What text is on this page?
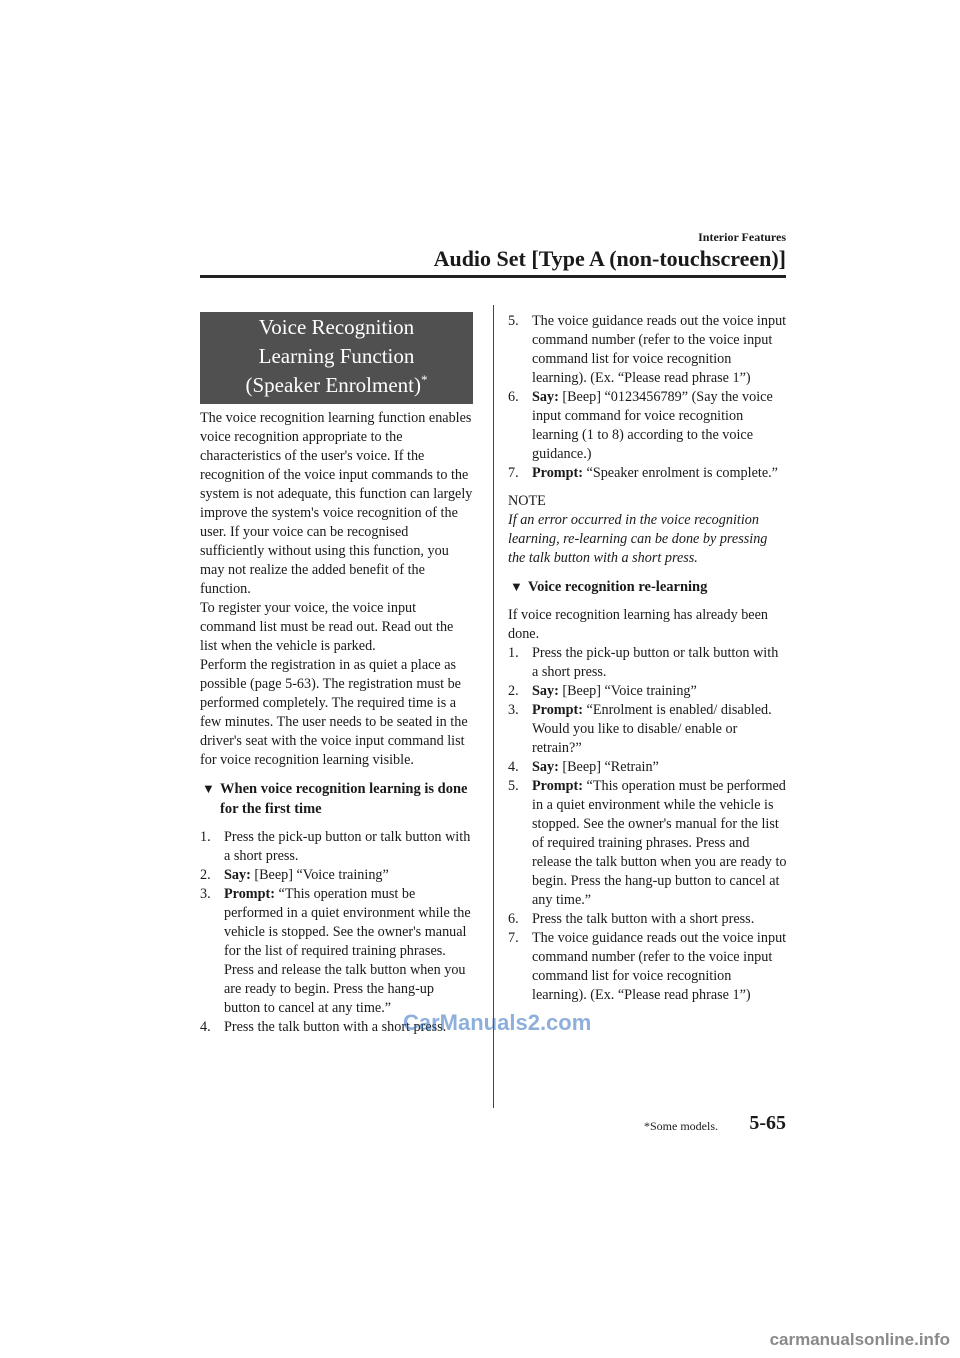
Interior Features
Audio Set [Type A (non-touchscreen)]
Voice Recognition
Learning Function
(Speaker Enrolment)*

The voice recognition learning function enables voice recognition appropriate to the characteristics of the user's voice. If the recognition of the voice input commands to the system is not adequate, this function can largely improve the system's voice recognition of the user. If your voice can be recognised sufficiently without using this function, you may not realize the added benefit of the function.

To register your voice, the voice input command list must be read out. Read out the list when the vehicle is parked.

Perform the registration in as quiet a place as possible (page 5-63). The registration must be performed completely. The required time is a few minutes. The user needs to be seated in the driver's seat with the voice input command list for voice recognition learning visible.

▼ When voice recognition learning is done for the first time
1. Press the pick-up button or talk button with a short press.
2. Say: [Beep] “Voice training”
3. Prompt: “This operation must be performed in a quiet environment while the vehicle is stopped. See the owner's manual for the list of required training phrases. Press and release the talk button when you are ready to begin. Press the hang-up button to cancel at any time.”
4. Press the talk button with a short press.
5. The voice guidance reads out the voice input command number (refer to the voice input command list for voice recognition learning). (Ex. “Please read phrase 1”)
6. Say: [Beep] “0123456789” (Say the voice input command for voice recognition learning (1 to 8) according to the voice guidance.)
7. Prompt: “Speaker enrolment is complete.”

NOTE

If an error occurred in the voice recognition learning, re-learning can be done by pressing the talk button with a short press.

▼ Voice recognition re-learning

If voice recognition learning has already been done.

1. Press the pick-up button or talk button with a short press.
2. Say: [Beep] “Voice training”
3. Prompt: “Enrolment is enabled/ disabled. Would you like to disable/ enable or retrain?”
4. Say: [Beep] “Retrain”
5. Prompt: “This operation must be performed in a quiet environment while the vehicle is stopped. See the owner's manual for the list of required training phrases. Press and release the talk button when you are ready to begin. Press the hang-up button to cancel at any time.”
6. Press the talk button with a short press.
7. The voice guidance reads out the voice input command number (refer to the voice input command list for voice recognition learning). (Ex. “Please read phrase 1”)
*Some models. 5-65
CarManuals2.com
carmanualsonline.info
